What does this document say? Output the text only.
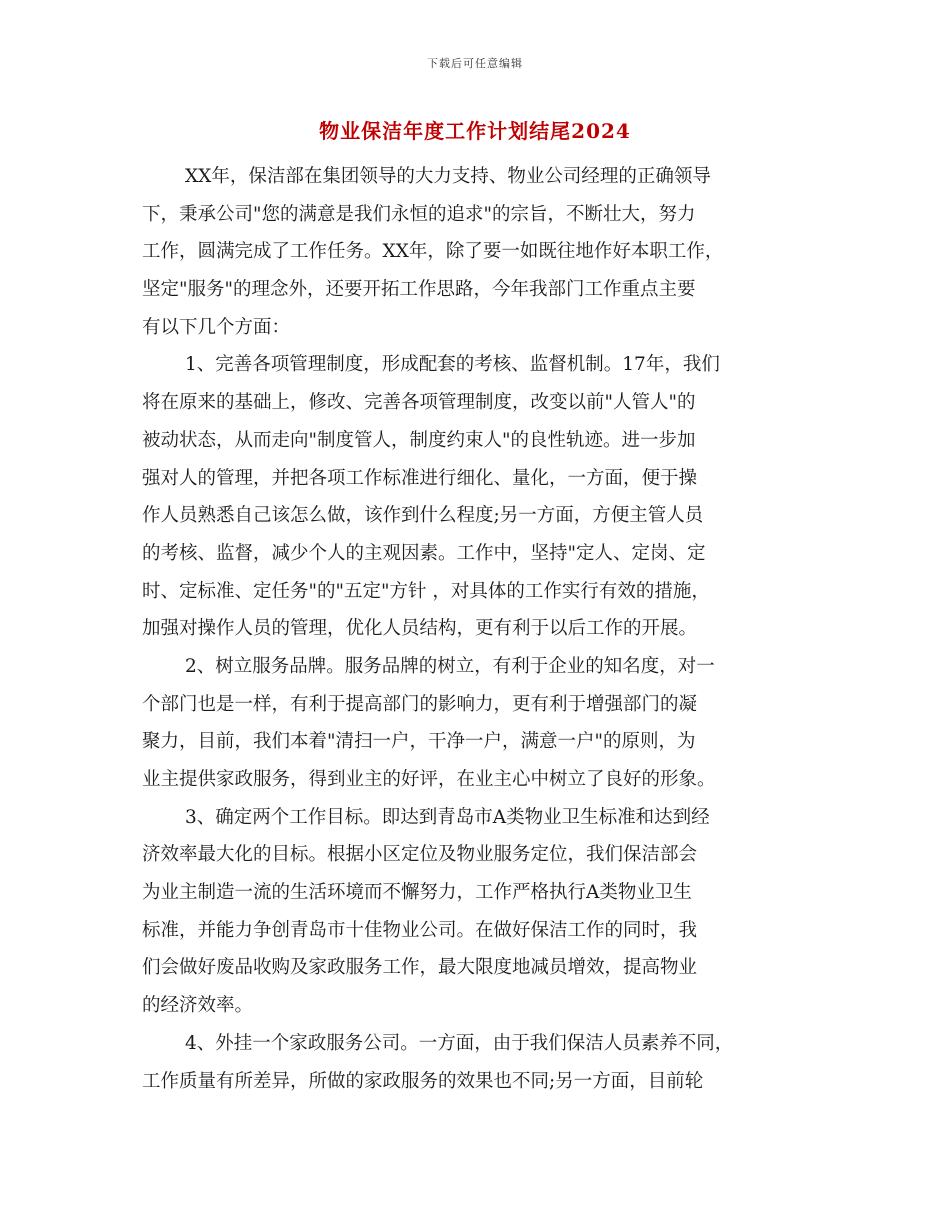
下载后可任意编辑
物业保洁年度工作计划结尾2024
XX年，保洁部在集团领导的大力支持、物业公司经理的正确领导
下，秉承公司"您的满意是我们永恒的追求"的宗旨，不断壮大，努力
工作，圆满完成了工作任务。XX年，除了要一如既往地作好本职工作，
坚定"服务"的理念外，还要开拓工作思路，今年我部门工作重点主要
有以下几个方面：
1、完善各项管理制度，形成配套的考核、监督机制。17年，我们
将在原来的基础上，修改、完善各项管理制度，改变以前"人管人"的
被动状态，从而走向"制度管人，制度约束人"的良性轨迹。进一步加
强对人的管理，并把各项工作标准进行细化、量化，一方面，便于操
作人员熟悉自己该怎么做，该作到什么程度;另一方面，方便主管人员
的考核、监督，减少个人的主观因素。工作中，坚持"定人、定岗、定
时、定标准、定任务"的"五定"方针 ，对具体的工作实行有效的措施，
加强对操作人员的管理，优化人员结构，更有利于以后工作的开展。
2、树立服务品牌。服务品牌的树立，有利于企业的知名度，对一
个部门也是一样，有利于提高部门的影响力，更有利于增强部门的凝
聚力，目前，我们本着"清扫一户，干净一户，满意一户"的原则，为
业主提供家政服务，得到业主的好评，在业主心中树立了良好的形象。
3、确定两个工作目标。即达到青岛市A类物业卫生标准和达到经
济效率最大化的目标。根据小区定位及物业服务定位，我们保洁部会
为业主制造一流的生活环境而不懈努力，工作严格执行A类物业卫生
标准，并能力争创青岛市十佳物业公司。在做好保洁工作的同时，我
们会做好废品收购及家政服务工作，最大限度地减员增效，提高物业
的经济效率。
4、外挂一个家政服务公司。一方面，由于我们保洁人员素养不同，
工作质量有所差异，所做的家政服务的效果也不同;另一方面，目前轮
